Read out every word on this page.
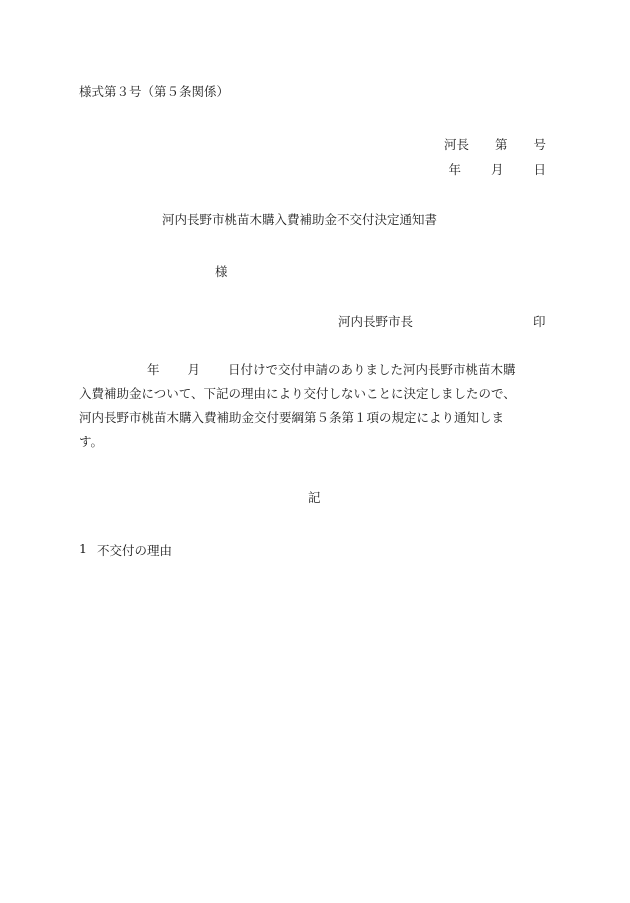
様式第３号（第５条関係）
河長 第 号
年 月 日
河内長野市桃苗木購入費補助金不交付決定通知書
様
河内長野市長	印
年 月 日付けで交付申請のありました河内長野市桃苗木購
入費補助金について、下記の理由により交付しないことに決定しましたので、
河内長野市桃苗木購入費補助金交付要綱第５条第１項の規定により通知しま
す。
記
1 不交付の理由
